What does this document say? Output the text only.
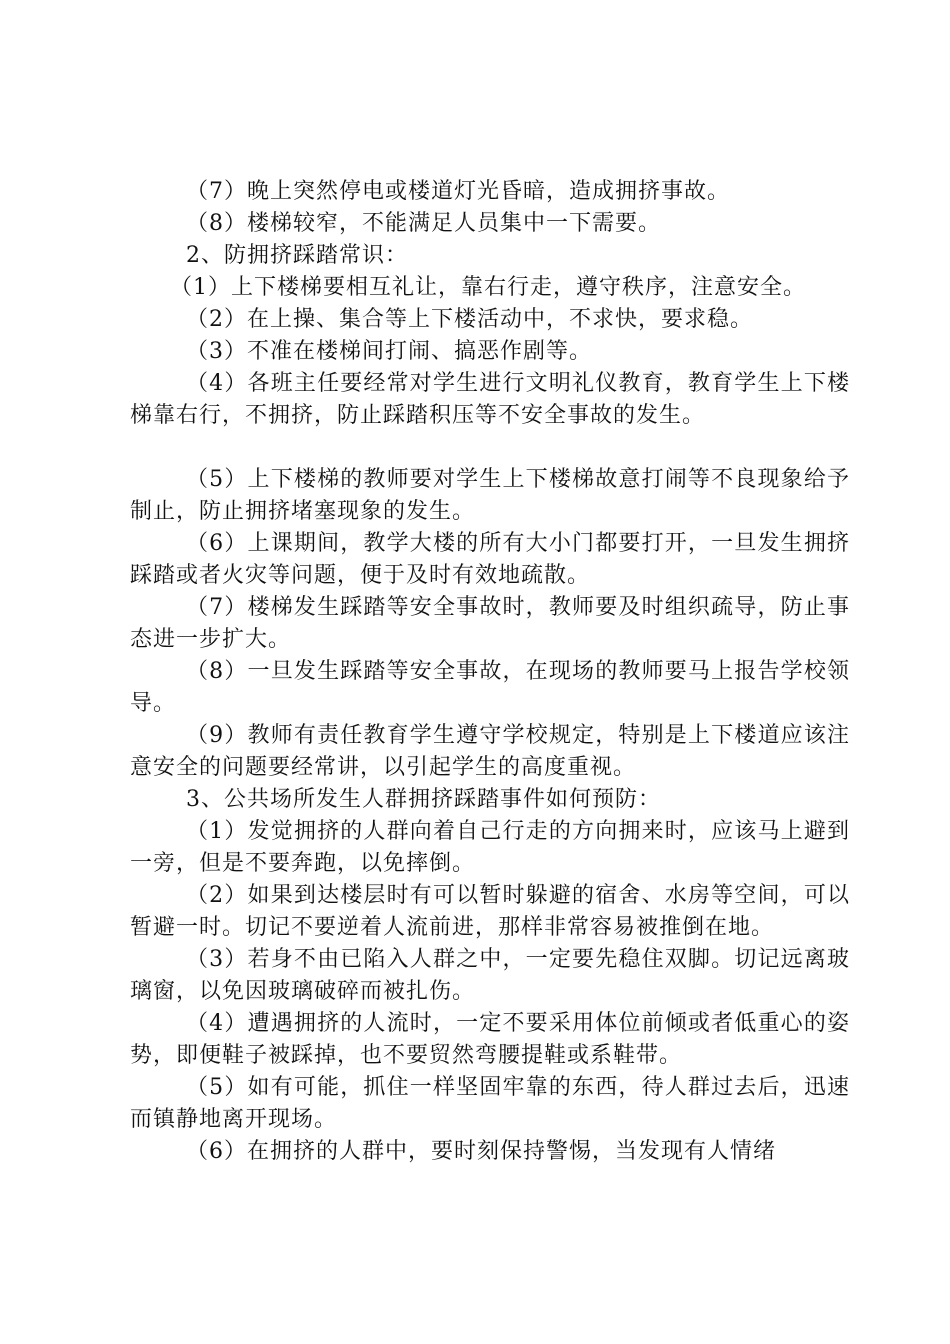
（7）晚上突然停电或楼道灯光昏暗，造成拥挤事故。

（8）楼梯较窄，不能满足人员集中一下需要。

2、防拥挤踩踏常识：

（1）上下楼梯要相互礼让，靠右行走，遵守秩序，注意安全。

（2）在上操、集合等上下楼活动中，不求快，要求稳。

（3）不准在楼梯间打闹、搞恶作剧等。

（4）各班主任要经常对学生进行文明礼仪教育，教育学生上下楼梯靠右行，不拥挤，防止踩踏积压等不安全事故的发生。

（5）上下楼梯的教师要对学生上下楼梯故意打闹等不良现象给予制止，防止拥挤堵塞现象的发生。

（6）上课期间，教学大楼的所有大小门都要打开，一旦发生拥挤踩踏或者火灾等问题，便于及时有效地疏散。

（7）楼梯发生踩踏等安全事故时，教师要及时组织疏导，防止事态进一步扩大。

（8）一旦发生踩踏等安全事故，在现场的教师要马上报告学校领导。

（9）教师有责任教育学生遵守学校规定，特别是上下楼道应该注意安全的问题要经常讲，以引起学生的高度重视。

3、公共场所发生人群拥挤踩踏事件如何预防：

（1）发觉拥挤的人群向着自己行走的方向拥来时，应该马上避到一旁，但是不要奔跑，以免摔倒。

（2）如果到达楼层时有可以暂时躲避的宿舍、水房等空间，可以暂避一时。切记不要逆着人流前进，那样非常容易被推倒在地。

（3）若身不由已陷入人群之中，一定要先稳住双脚。切记远离玻璃窗，以免因玻璃破碎而被扎伤。

（4）遭遇拥挤的人流时，一定不要采用体位前倾或者低重心的姿势，即便鞋子被踩掉，也不要贸然弯腰提鞋或系鞋带。

（5）如有可能，抓住一样坚固牢靠的东西，待人群过去后，迅速而镇静地离开现场。

（6）在拥挤的人群中，要时刻保持警惕，当发现有人情绪
